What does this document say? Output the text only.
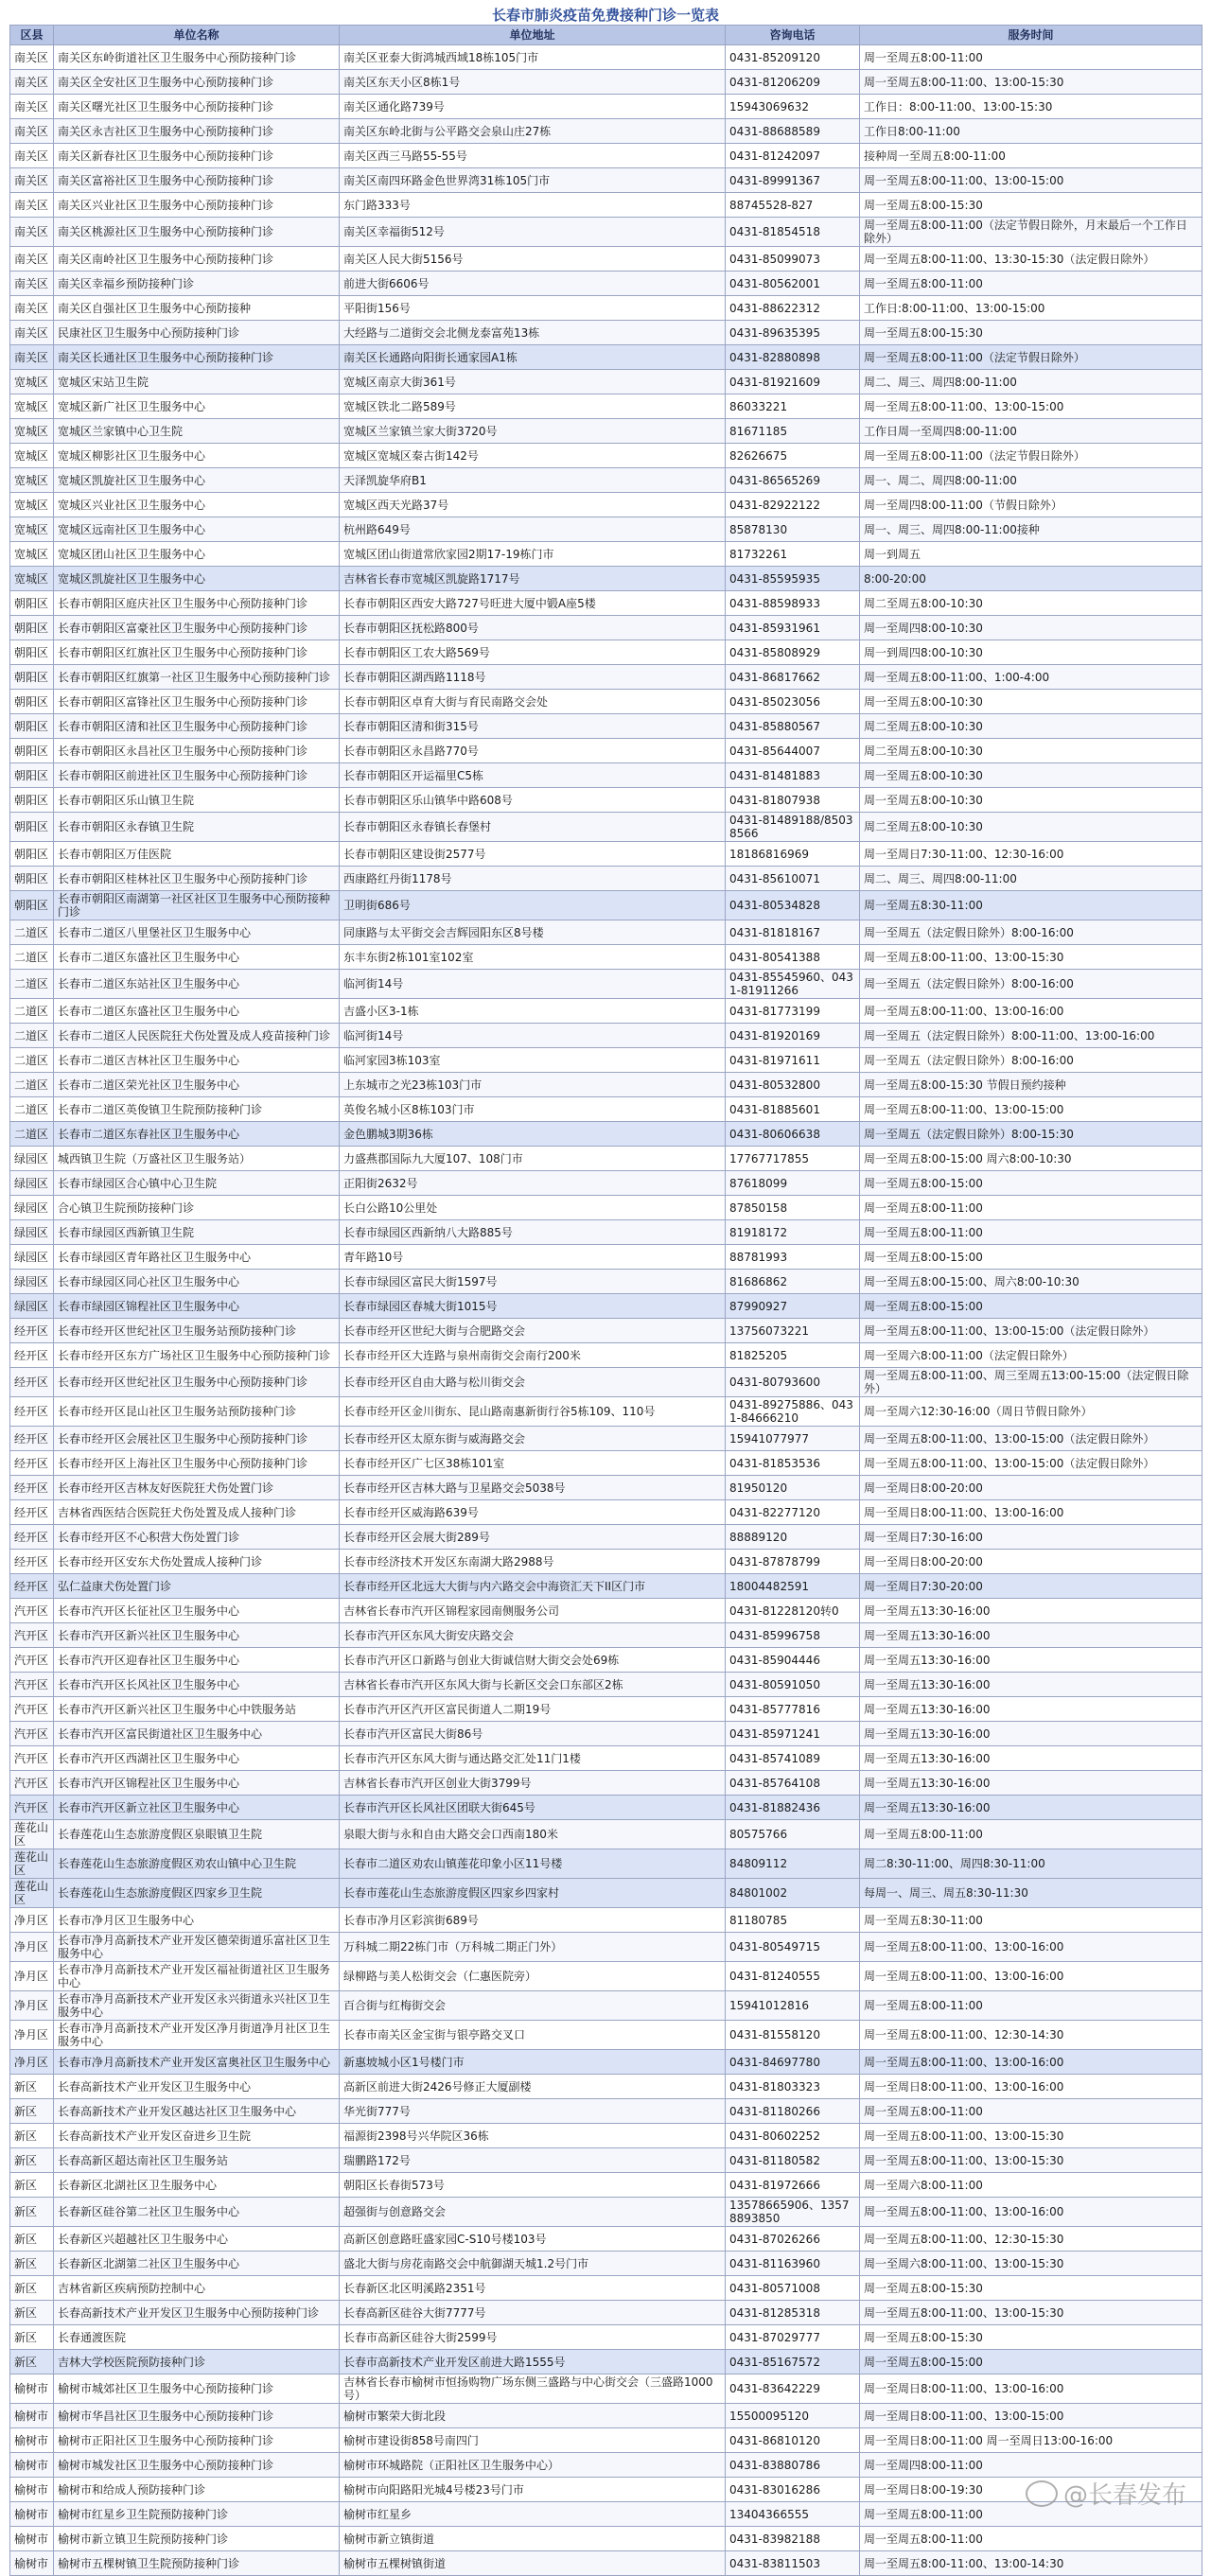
长春市肺炎疫苗免费接种门诊一览表
区县	单位名称	单位地址	咨询电话	服务时间
南关区	南关区东岭街道社区卫生服务中心预防接种门诊	南关区亚泰大街鸿城西域18栋105门市	0431-85209120	周一至周五8:00-11:00
南关区	南关区全安社区卫生服务中心预防接种门诊	南关区东天小区8栋1号	0431-81206209	周一至周五8:00-11:00、13:00-15:30
南关区	南关区曙光社区卫生服务中心预防接种门诊	南关区通化路739号	15943069632	工作日：8:00-11:00、13:00-15:30
南关区	南关区永吉社区卫生服务中心预防接种门诊	南关区东岭北街与公平路交会泉山庄27栋	0431-88688589	工作日8:00-11:00
南关区	南关区新春社区卫生服务中心预防接种门诊	南关区西三马路55-55号	0431-81242097	接种周一至周五8:00-11:00
南关区	南关区富裕社区卫生服务中心预防接种门诊	南关区南四环路金色世界湾31栋105门市	0431-89991367	周一至周五8:00-11:00、13:00-15:00
南关区	南关区兴业社区卫生服务中心预防接种门诊	东门路333号	88745528-827	周一至周五8:00-15:30
南关区	南关区桃源社区卫生服务中心预防接种门诊	南关区幸福街512号	0431-81854518	周一至周五8:00-11:00（法定节假日除外，月末最后一个工作日除外）
南关区	南关区南岭社区卫生服务中心预防接种门诊	南关区人民大街5156号	0431-85099073	周一至周五8:00-11:00、13:30-15:30（法定假日除外）
南关区	南关区幸福乡预防接种门诊	前进大街6606号	0431-80562001	周一至周五8:00-11:00
南关区	南关区自强社区卫生服务中心预防接种	平阳街156号	0431-88622312	工作日:8:00-11:00、13:00-15:00
南关区	民康社区卫生服务中心预防接种门诊	大经路与二道街交会北侧龙泰富苑13栋	0431-89635395	周一至周五8:00-15:30
南关区	南关区长通社区卫生服务中心预防接种门诊	南关区长通路向阳街长通家园A1栋	0431-82880898	周一至周五8:00-11:00（法定节假日除外）
宽城区	宽城区宋站卫生院	宽城区南京大街361号	0431-81921609	周二、周三、周四8:00-11:00
宽城区	宽城区新广社区卫生服务中心	宽城区铁北二路589号	86033221	周一至周五8:00-11:00、13:00-15:00
宽城区	宽城区兰家镇中心卫生院	宽城区兰家镇兰家大街3720号	81671185	工作日周一至周四8:00-11:00
宽城区	宽城区柳影社区卫生服务中心	宽城区宽城区秦古街142号	82626675	周一至周五8:00-11:00（法定节假日除外）
宽城区	宽城区凯旋社区卫生服务中心	天泽凯旋华府B1	0431-86565269	周一、周二、周四8:00-11:00
宽城区	宽城区兴业社区卫生服务中心	宽城区西天光路37号	0431-82922122	周一至周四8:00-11:00（节假日除外）
宽城区	宽城区远南社区卫生服务中心	杭州路649号	85878130	周一、周三、周四8:00-11:00接种
宽城区	宽城区团山社区卫生服务中心	宽城区团山街道常欣家园2期17-19栋门市	81732261	周一到周五
宽城区	宽城区凯旋社区卫生服务中心	吉林省长春市宽城区凯旋路1717号	0431-85595935	8:00-20:00
朝阳区	长春市朝阳区庭庆社区卫生服务中心预防接种门诊	长春市朝阳区西安大路727号旺进大厦中锻A座5楼	0431-88598933	周二至周五8:00-10:30
朝阳区	长春市朝阳区富豪社区卫生服务中心预防接种门诊	长春市朝阳区抚松路800号	0431-85931961	周一至周四8:00-10:30
朝阳区	长春市朝阳区红旗社区卫生服务中心预防接种门诊	长春市朝阳区工农大路569号	0431-85808929	周一到周四8:00-10:30
朝阳区	长春市朝阳区红旗第一社区卫生服务中心预防接种门诊	长春市朝阳区湖西路1118号	0431-86817662	周一至周五8:00-11:00、1:00-4:00
朝阳区	长春市朝阳区富锋社区卫生服务中心预防接种门诊	长春市朝阳区卓育大街与育民南路交会处	0431-85023056	周一至周五8:00-10:30
朝阳区	长春市朝阳区清和社区卫生服务中心预防接种门诊	长春市朝阳区清和街315号	0431-85880567	周二至周五8:00-10:30
朝阳区	长春市朝阳区永昌社区卫生服务中心预防接种门诊	长春市朝阳区永昌路770号	0431-85644007	周二至周五8:00-10:30
朝阳区	长春市朝阳区前进社区卫生服务中心预防接种门诊	长春市朝阳区开运福里C5栋	0431-81481883	周一至周五8:00-10:30
朝阳区	长春市朝阳区乐山镇卫生院	长春市朝阳区乐山镇华中路608号	0431-81807938	周一至周五8:00-10:30
朝阳区	长春市朝阳区永春镇卫生院	长春市朝阳区永春镇长春堡村	0431-81489188/85038566	周二至周五8:00-10:30
朝阳区	长春市朝阳区万佳医院	长春市朝阳区建设街2577号	18186816969	周一至周日7:30-11:00、12:30-16:00
朝阳区	长春市朝阳区桂林社区卫生服务中心预防接种门诊	西康路红丹街1178号	0431-85610071	周二、周三、周四8:00-11:00
朝阳区	长春市朝阳区南湖第一社区社区卫生服务中心预防接种门诊	卫明街686号	0431-80534828	周一至周五8:30-11:00
二道区	长春市二道区八里堡社区卫生服务中心	同康路与太平街交会吉辉园阳东区8号楼	0431-81818167	周一至周五（法定假日除外）8:00-16:00
二道区	长春市二道区东盛社区卫生服务中心	东丰东街2栋101室102室	0431-80541388	周一至周五8:00-11:00、13:00-15:30
二道区	长春市二道区东站社区卫生服务中心	临河街14号	0431-85545960、0431-81911266	周一至周五（法定假日除外）8:00-16:00
二道区	长春市二道区东盛社区卫生服务中心	吉盛小区3-1栋	0431-81773199	周一至周五8:00-11:00、13:00-16:00
二道区	长春市二道区人民医院狂犬伤处置及成人疫苗接种门诊	临河街14号	0431-81920169	周一至周五（法定假日除外）8:00-11:00、13:00-16:00
二道区	长春市二道区吉林社区卫生服务中心	临河家园3栋103室	0431-81971611	周一至周五（法定假日除外）8:00-16:00
二道区	长春市二道区荣光社区卫生服务中心	上东城市之光23栋103门市	0431-80532800	周一至周五8:00-15:30 节假日预约接种
二道区	长春市二道区英俊镇卫生院预防接种门诊	英俊名城小区8栋103门市	0431-81885601	周一至周五8:00-11:00、13:00-15:00
二道区	长春市二道区东春社区卫生服务中心	金色鹏城3期36栋	0431-80606638	周一至周五（法定假日除外）8:00-15:30
绿园区	城西镇卫生院（万盛社区卫生服务站）	力盛燕郡国际九大厦107、108门市	17767717855	周一至周五8:00-15:00 周六8:00-10:30
绿园区	长春市绿园区合心镇中心卫生院	正阳街2632号	87618099	周一至周五8:00-15:00
绿园区	合心镇卫生院预防接种门诊	长白公路10公里处	87850158	周一至周五8:00-11:00
绿园区	长春市绿园区西新镇卫生院	长春市绿园区西新纳八大路885号	81918172	周一至周五8:00-11:00
绿园区	长春市绿园区青年路社区卫生服务中心	青年路10号	88781993	周一至周五8:00-15:00
绿园区	长春市绿园区同心社区卫生服务中心	长春市绿园区富民大街1597号	81686862	周一至周五8:00-15:00、周六8:00-10:30
绿园区	长春市绿园区锦程社区卫生服务中心	长春市绿园区春城大街1015号	87990927	周一至周五8:00-15:00
经开区	长春市经开区世纪社区卫生服务站预防接种门诊	长春市经开区世纪大街与合肥路交会	13756073221	周一至周五8:00-11:00、13:00-15:00（法定假日除外）
经开区	长春市经开区东方广场社区卫生服务中心预防接种门诊	长春市经开区大连路与泉州南街交会南行200米	81825205	周一至周六8:00-11:00（法定假日除外）
经开区	长春市经开区世纪社区卫生服务中心预防接种门诊	长春市经开区自由大路与松川街交会	0431-80793600	周一至周五8:00-11:00、周三至周五13:00-15:00（法定假日除外）
经开区	长春市经开区昆山社区卫生服务站预防接种门诊	长春市经开区金川街东、昆山路南惠新街行谷5栋109、110号	0431-89275886、0431-84666210	周一至周六12:30-16:00（周日节假日除外）
经开区	长春市经开区会展社区卫生服务中心预防接种门诊	长春市经开区太原东街与威海路交会	15941077977	周一至周五8:00-11:00、13:00-15:00（法定假日除外）
经开区	长春市经开区上海社区卫生服务中心预防接种门诊	长春市经开区广七区38栋101室	0431-81853536	周一至周五8:00-11:00、13:00-15:00（法定假日除外）
经开区	长春市经开区吉林友好医院狂犬伤处置门诊	长春市经开区吉林大路与卫星路交会5038号	81950120	周一至周日8:00-20:00
经开区	吉林省西医结合医院狂犬伤处置及成人接种门诊	长春市经开区威海路639号	0431-82277120	周一至周日8:00-11:00、13:00-16:00
经开区	长春市经开区不心积营大伤处置门诊	长春市经开区会展大街289号	88889120	周一至周日7:30-16:00
经开区	长春市经开区安东犬伤处置成人接种门诊	长春市经济技术开发区东南湖大路2988号	0431-87878799	周一至周日8:00-20:00
经开区	弘仁益康犬伤处置门诊	长春市经开区北远大大街与内六路交会中海资汇天下II区门市	18004482591	周一至周日7:30-20:00
汽开区	长春市汽开区长征社区卫生服务中心	吉林省长春市汽开区锦程家园南侧服务公司	0431-81228120转0	周一至周五13:30-16:00
汽开区	长春市汽开区新兴社区卫生服务中心	长春市汽开区东风大街安庆路交会	0431-85996758	周一至周五13:30-16:00
汽开区	长春市汽开区迎春社区卫生服务中心	长春市汽开区口新路与创业大街诚信财大街交会处69栋	0431-85904446	周一至周五13:30-16:00
汽开区	长春市汽开区长风社区卫生服务中心	吉林省长春市汽开区东风大街与长新区交会口东部区2栋	0431-80591050	周一至周五13:30-16:00
汽开区	长春市汽开区新兴社区卫生服务中心中铁服务站	长春市汽开区汽开区富民街道人二期19号	0431-85777816	周一至周五13:30-16:00
汽开区	长春市汽开区富民街道社区卫生服务中心	长春市汽开区富民大街86号	0431-85971241	周一至周五13:30-16:00
汽开区	长春市汽开区西湖社区卫生服务中心	长春市汽开区东风大街与通达路交汇处11门1楼	0431-85741089	周一至周五13:30-16:00
汽开区	长春市汽开区锦程社区卫生服务中心	吉林省长春市汽开区创业大街3799号	0431-85764108	周一至周五13:30-16:00
汽开区	长春市汽开区新立社区卫生服务中心	长春市汽开区长风社区团联大街645号	0431-81882436	周一至周五13:30-16:00
莲花山区	长春莲花山生态旅游度假区泉眼镇卫生院	泉眼大街与永和自由大路交会口西南180米	80575766	周一至周五8:00-11:00
莲花山区	长春莲花山生态旅游度假区劝农山镇中心卫生院	长春市二道区劝农山镇莲花印象小区11号楼	84809112	周二8:30-11:00、周四8:30-11:00
莲花山区	长春莲花山生态旅游度假区四家乡卫生院	长春市莲花山生态旅游度假区四家乡四家村	84801002	每周一、周三、周五8:30-11:30
净月区	长春市净月区卫生服务中心	长春市净月区彩滨街689号	81180785	周一至周五8:30-11:00
净月区	长春市净月高新技术产业开发区德荣街道乐富社区卫生服务中心	万科城二期22栋门市（万科城二期正门外）	0431-80549715	周一至周五8:00-11:00、13:00-16:00
净月区	长春市净月高新技术产业开发区福祉街道社区卫生服务中心	绿柳路与美人松街交会（仁惠医院旁）	0431-81240555	周一至周五8:00-11:00、13:00-16:00
净月区	长春市净月高新技术产业开发区永兴街道永兴社区卫生服务中心	百合街与红梅街交会	15941012816	周一至周五8:00-11:00
净月区	长春市净月高新技术产业开发区净月街道净月社区卫生服务中心	长春市南关区金宝街与银亭路交叉口	0431-81558120	周一至周五8:00-11:00、12:30-14:30
净月区	长春市净月高新技术产业开发区富奥社区卫生服务中心	新惠坡城小区1号楼门市	0431-84697780	周一至周五8:00-11:00、13:00-16:00
新区	长春高新技术产业开发区卫生服务中心	高新区前进大街2426号修正大厦副楼	0431-81803323	周一至周日8:00-11:00、13:00-16:00
新区	长春高新技术产业开发区越达社区卫生服务中心	华光街777号	0431-81180266	周一至周五8:00-11:00
新区	长春高新技术产业开发区奋进乡卫生院	福源街2398号兴华院区36栋	0431-80602252	周一至周五8:00-11:00、13:00-15:30
新区	长春高新区超达南社区卫生服务站	瑞鹏路172号	0431-81180582	周一至周五8:00-11:00、13:00-15:30
新区	长春新区北湖社区卫生服务中心	朝阳区长春街573号	0431-81972666	周一至周六8:00-11:00
新区	长春新区硅谷第二社区卫生服务中心	超强街与创意路交会	13578665906、13578893850	周一至周五8:00-11:00、13:00-16:00
新区	长春新区兴超越社区卫生服务中心	高新区创意路旺盛家园C-S10号楼103号	0431-87026266	周一至周五8:00-11:00、12:30-15:30
新区	长春新区北湖第二社区卫生服务中心	盛北大街与房花南路交会中航御湖天城1.2号门市	0431-81163960	周一至周六8:00-11:00、13:00-15:30
新区	吉林省新区疾病预防控制中心	长春新区北区明溪路2351号	0431-80571008	周一至周五8:00-15:30
新区	长春高新技术产业开发区卫生服务中心预防接种门诊	长春高新区硅谷大街7777号	0431-81285318	周一至周五8:00-11:00、13:00-15:30
新区	长春通渡医院	长春市高新区硅谷大街2599号	0431-87029777	周一至周五8:00-15:30
新区	吉林大学校医院预防接种门诊	长春市高新技术产业开发区前进大路1555号	0431-85167572	周一至周五8:00-15:00
榆树市	榆树市城郊社区卫生服务中心预防接种门诊	吉林省长春市榆树市恒扬购物广场东侧三盛路与中心街交会（三盛路1000号）	0431-83642229	周一至周日8:00-11:00、13:00-16:00
榆树市	榆树市华昌社区卫生服务中心预防接种门诊	榆树市繁荣大街北段	15500095120	周一至周日8:00-11:00、13:00-15:00
榆树市	榆树市正阳社区卫生服务中心预防接种门诊	榆树市建设街858号南四门	0431-86810120	周一至周日8:00-11:00 周一至周日13:00-16:00
榆树市	榆树市城发社区卫生服务中心预防接种门诊	榆树市环城路院（正阳社区卫生服务中心）	0431-83880786	周一至周四8:00-11:00
榆树市	榆树市和给成人预防接种门诊	榆树市向阳路阳光城4号楼23号门市	0431-83016286	周一至周日8:00-19:30
榆树市	榆树市红星乡卫生院预防接种门诊	榆树市红星乡	13404366555	周一至周五8:00-11:00
榆树市	榆树市新立镇卫生院预防接种门诊	榆树市新立镇街道	0431-83982188	周一至周五8:00-11:00
榆树市	榆树市五棵树镇卫生院预防接种门诊	榆树市五棵树镇街道	0431-83811503	周一至周五8:00-11:00、13:00-14:30
@长春发布
